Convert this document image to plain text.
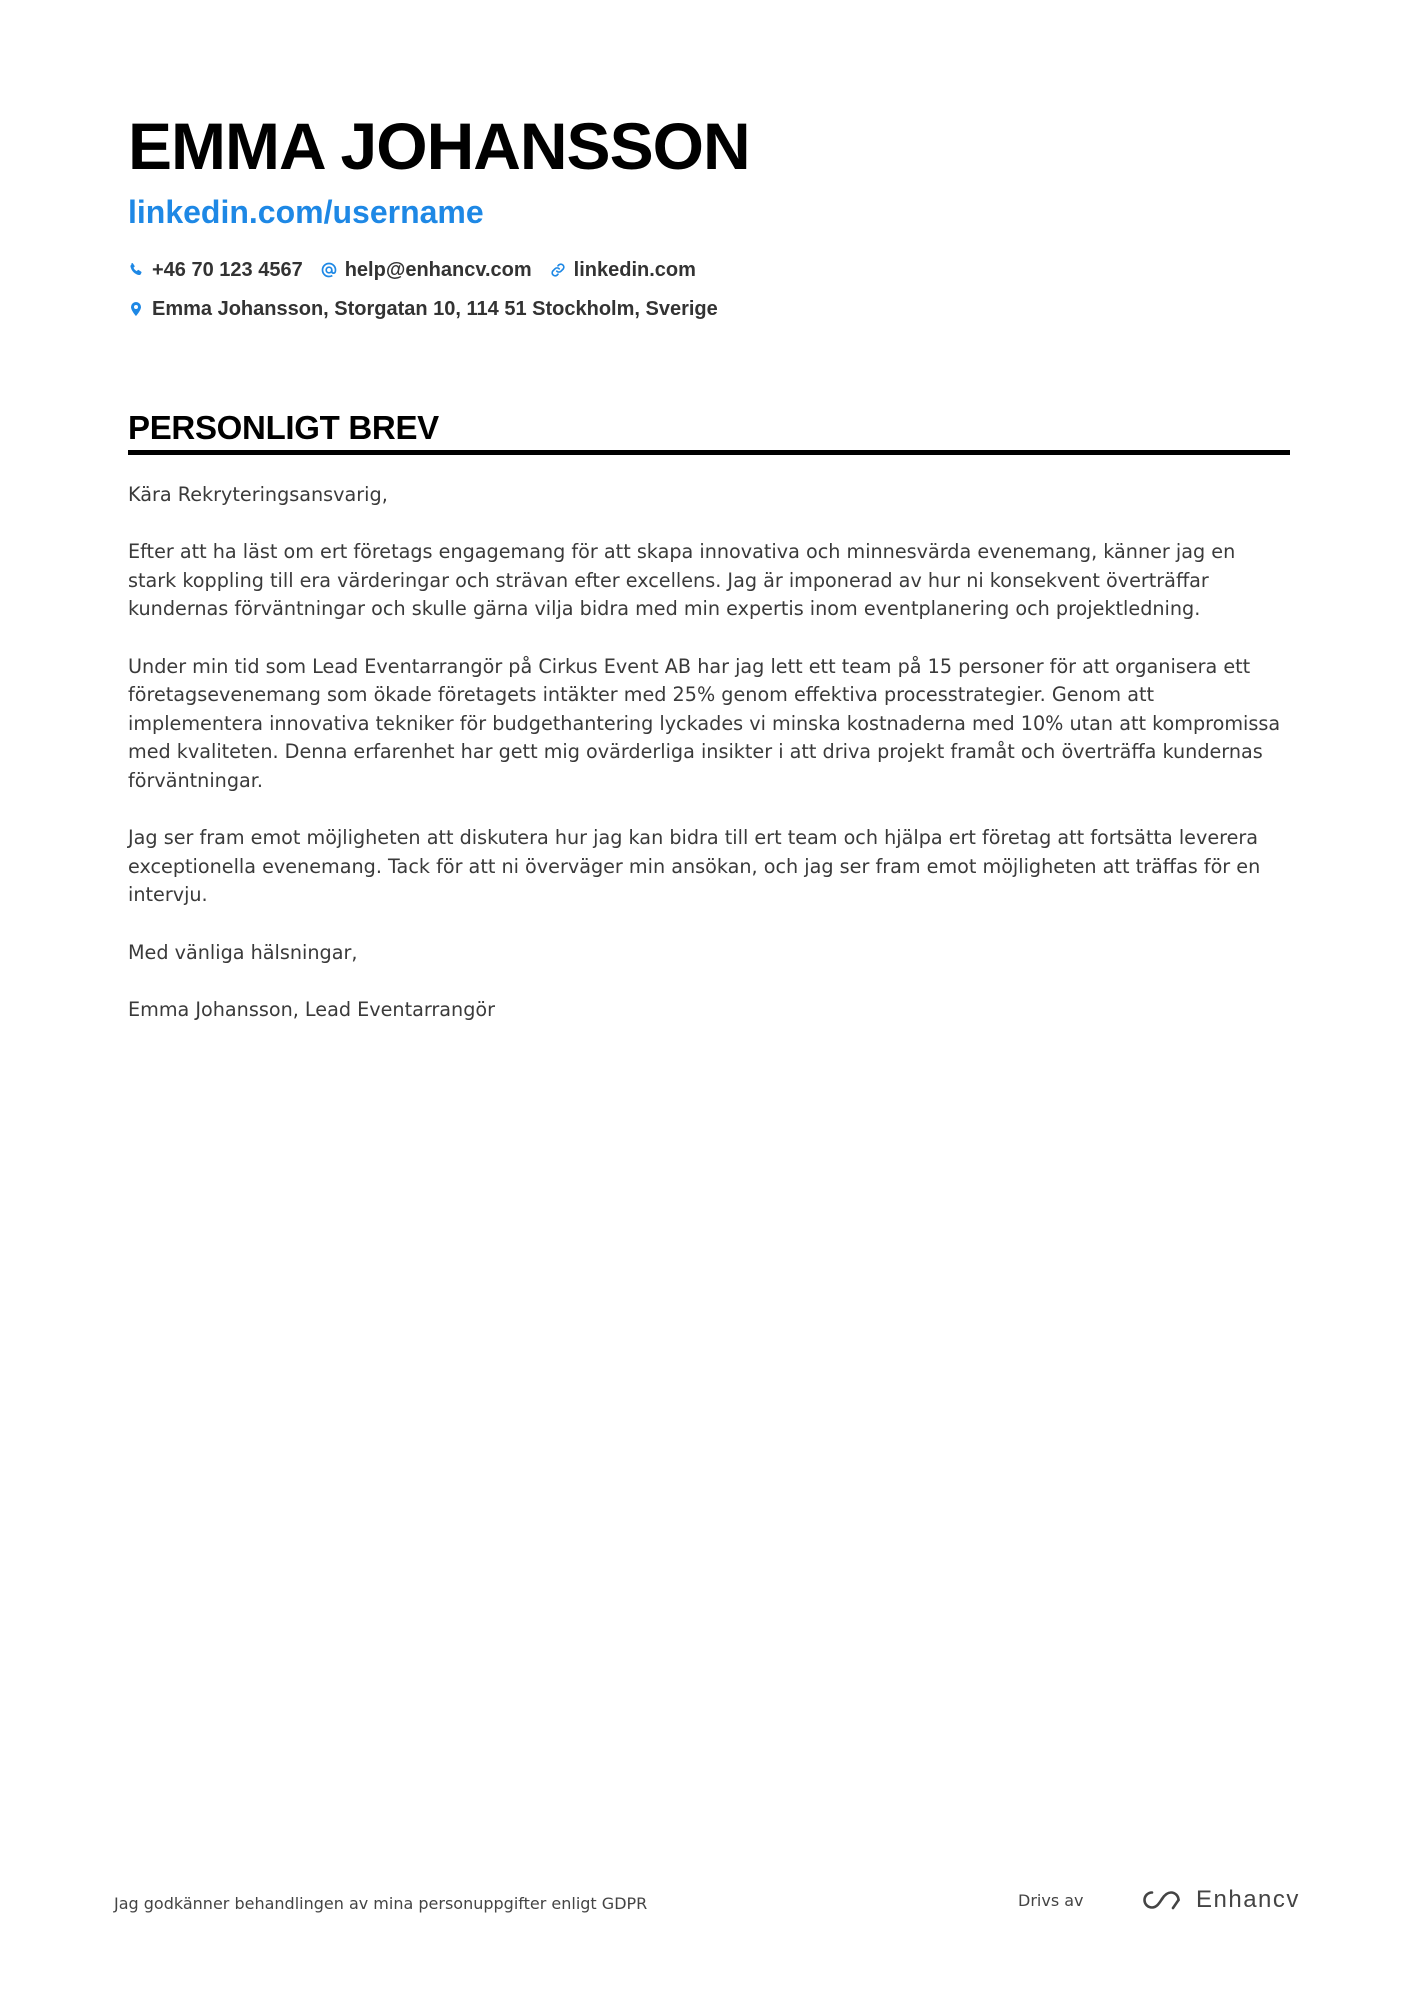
EMMA JOHANSSON
linkedin.com/username
+46 70 123 4567 help@enhancv.com linkedin.com
Emma Johansson, Storgatan 10, 114 51 Stockholm, Sverige
PERSONLIGT BREV

Kära Rekryteringsansvarig,

Efter att ha läst om ert företags engagemang för att skapa innovativa och minnesvärda evenemang, känner jag en stark koppling till era värderingar och strävan efter excellens. Jag är imponerad av hur ni konsekvent överträffar kundernas förväntningar och skulle gärna vilja bidra med min expertis inom eventplanering och projektledning.

Under min tid som Lead Eventarrangör på Cirkus Event AB har jag lett ett team på 15 personer för att organisera ett företagsevenemang som ökade företagets intäkter med 25% genom effektiva processtrategier. Genom att implementera innovativa tekniker för budgethantering lyckades vi minska kostnaderna med 10% utan att kompromissa med kvaliteten. Denna erfarenhet har gett mig ovärderliga insikter i att driva projekt framåt och överträffa kundernas förväntningar.

Jag ser fram emot möjligheten att diskutera hur jag kan bidra till ert team och hjälpa ert företag att fortsätta leverera exceptionella evenemang. Tack för att ni överväger min ansökan, och jag ser fram emot möjligheten att träffas för en intervju.

Med vänliga hälsningar,

Emma Johansson, Lead Eventarrangör

Jag godkänner behandlingen av mina personuppgifter enligt GDPR	Drivs av	Enhancv
